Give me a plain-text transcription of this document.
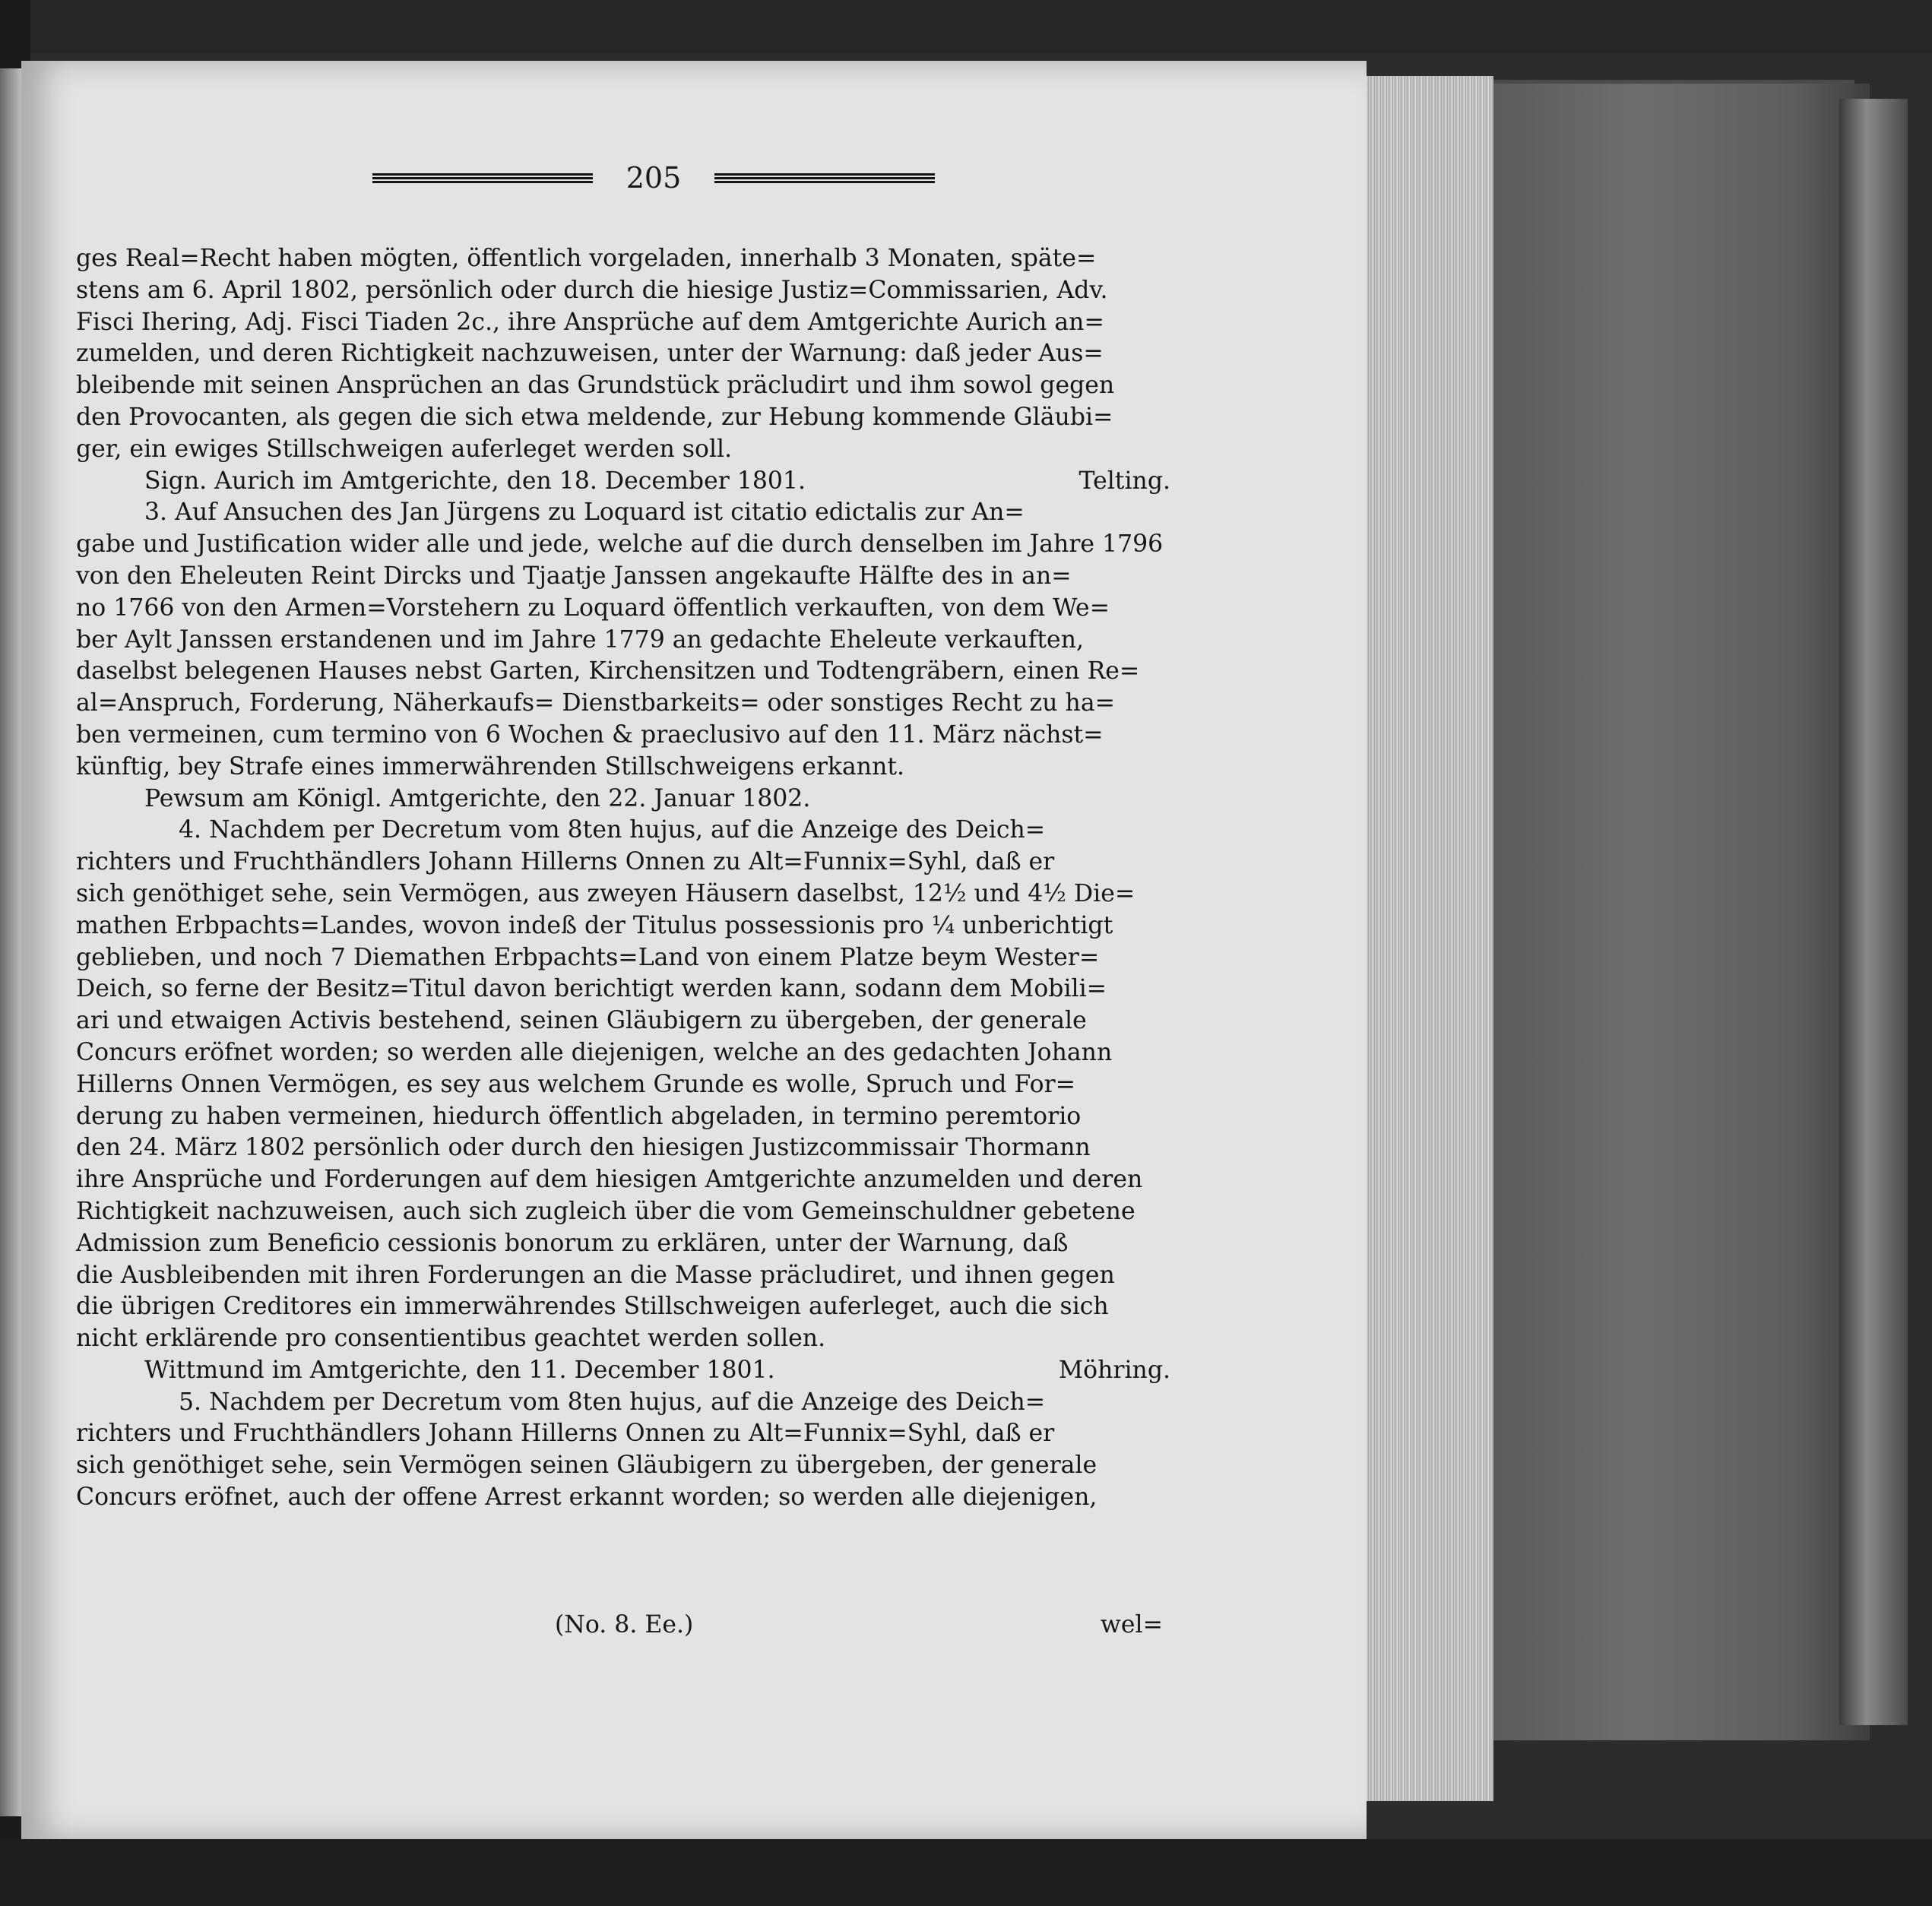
205
ges Real=Recht haben mögten, öffentlich vorgeladen, innerhalb 3 Monaten, späte=
stens am 6. April 1802, persönlich oder durch die hiesige Justiz=Commissarien, Adv.
Fisci Ihering, Adj. Fisci Tiaden 2c., ihre Ansprüche auf dem Amtgerichte Aurich an=
zumelden, und deren Richtigkeit nachzuweisen, unter der Warnung: daß jeder Aus=
bleibende mit seinen Ansprüchen an das Grundstück präcludirt und ihm sowol gegen
den Provocanten, als gegen die sich etwa meldende, zur Hebung kommende Gläubi=
ger, ein ewiges Stillschweigen auferleget werden soll.
Sign. Aurich im Amtgerichte, den 18. December 1801.	Telting.
3. Auf Ansuchen des Jan Jürgens zu Loquard ist citatio edictalis zur An=
gabe und Justification wider alle und jede, welche auf die durch denselben im Jahre 1796
von den Eheleuten Reint Dircks und Tjaatje Janssen angekaufte Hälfte des in an=
no 1766 von den Armen=Vorstehern zu Loquard öffentlich verkauften, von dem We=
ber Aylt Janssen erstandenen und im Jahre 1779 an gedachte Eheleute verkauften,
daselbst belegenen Hauses nebst Garten, Kirchensitzen und Todtengräbern, einen Re=
al=Anspruch, Forderung, Näherkaufs= Dienstbarkeits= oder sonstiges Recht zu ha=
ben vermeinen, cum termino von 6 Wochen & praeclusivo auf den 11. März nächst=
künftig, bey Strafe eines immerwährenden Stillschweigens erkannt.
Pewsum am Königl. Amtgerichte, den 22. Januar 1802.
4. Nachdem per Decretum vom 8ten hujus, auf die Anzeige des Deich=
richters und Fruchthändlers Johann Hillerns Onnen zu Alt=Funnix=Syhl, daß er
sich genöthiget sehe, sein Vermögen, aus zweyen Häusern daselbst, 12½ und 4½ Die=
mathen Erbpachts=Landes, wovon indeß der Titulus possessionis pro ¼ unberichtigt
geblieben, und noch 7 Diemathen Erbpachts=Land von einem Platze beym Wester=
Deich, so ferne der Besitz=Titul davon berichtigt werden kann, sodann dem Mobili=
ari und etwaigen Activis bestehend, seinen Gläubigern zu übergeben, der generale
Concurs eröfnet worden; so werden alle diejenigen, welche an des gedachten Johann
Hillerns Onnen Vermögen, es sey aus welchem Grunde es wolle, Spruch und For=
derung zu haben vermeinen, hiedurch öffentlich abgeladen, in termino peremtorio
den 24. März 1802 persönlich oder durch den hiesigen Justizcommissair Thormann
ihre Ansprüche und Forderungen auf dem hiesigen Amtgerichte anzumelden und deren
Richtigkeit nachzuweisen, auch sich zugleich über die vom Gemeinschuldner gebetene
Admission zum Beneficio cessionis bonorum zu erklären, unter der Warnung, daß
die Ausbleibenden mit ihren Forderungen an die Masse präcludiret, und ihnen gegen
die übrigen Creditores ein immerwährendes Stillschweigen auferleget, auch die sich
nicht erklärende pro consentientibus geachtet werden sollen.
Wittmund im Amtgerichte, den 11. December 1801.	Möhring.
5. Nachdem per Decretum vom 8ten hujus, auf die Anzeige des Deich=
richters und Fruchthändlers Johann Hillerns Onnen zu Alt=Funnix=Syhl, daß er
sich genöthiget sehe, sein Vermögen seinen Gläubigern zu übergeben, der generale
Concurs eröfnet, auch der offene Arrest erkannt worden; so werden alle diejenigen,
(No. 8. Ee.)	wel=
